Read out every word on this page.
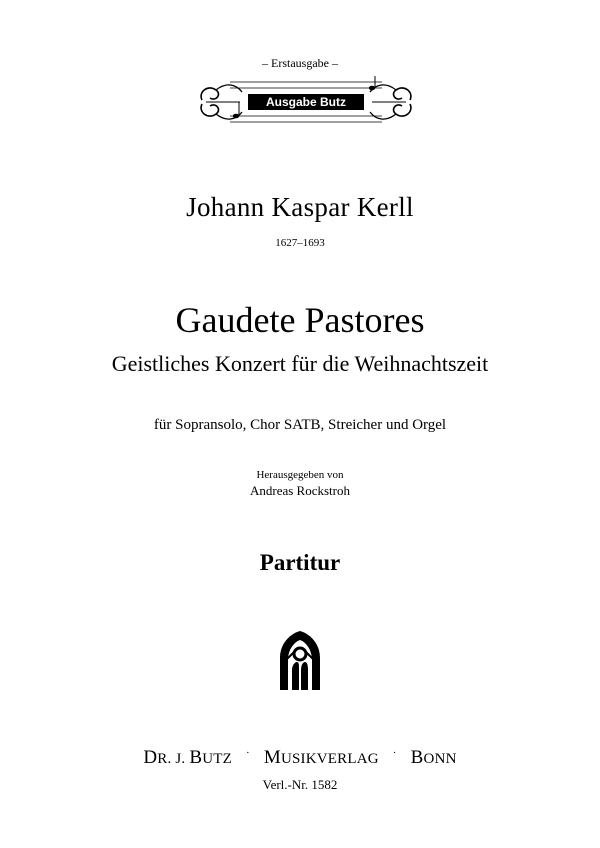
– Erstausgabe –
Ausgabe Butz
Johann Kaspar Kerll
1627–1693
Gaudete Pastores
Geistliches Konzert für die Weihnachtszeit
für Sopransolo, Chor SATB, Streicher und Orgel
Herausgegeben von
Andreas Rockstroh
Partitur
DR. J. BUTZ · MUSIKVERLAG · BONN
Verl.-Nr. 1582
